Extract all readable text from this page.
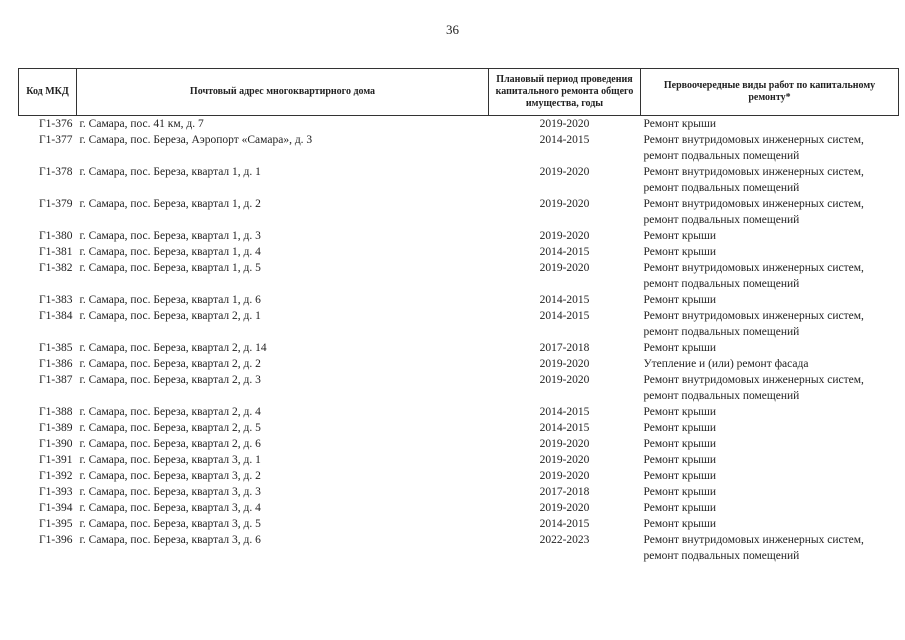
36
Код МКД	Почтовый адрес многоквартирного дома	Плановый период проведения капитального ремонта общего имущества, годы	Первоочередные виды работ по капитальному ремонту*
Г1-376	г. Самара, пос. 41 км, д. 7	2019-2020	Ремонт крыши
Г1-377	г. Самара, пос. Береза, Аэропорт «Самара», д. 3	2014-2015	Ремонт внутридомовых инженерных систем, ремонт подвальных помещений
Г1-378	г. Самара, пос. Береза, квартал 1, д. 1	2019-2020	Ремонт внутридомовых инженерных систем, ремонт подвальных помещений
Г1-379	г. Самара, пос. Береза, квартал 1, д. 2	2019-2020	Ремонт внутридомовых инженерных систем, ремонт подвальных помещений
Г1-380	г. Самара, пос. Береза, квартал 1, д. 3	2019-2020	Ремонт крыши
Г1-381	г. Самара, пос. Береза, квартал 1, д. 4	2014-2015	Ремонт крыши
Г1-382	г. Самара, пос. Береза, квартал 1, д. 5	2019-2020	Ремонт внутридомовых инженерных систем, ремонт подвальных помещений
Г1-383	г. Самара, пос. Береза, квартал 1, д. 6	2014-2015	Ремонт крыши
Г1-384	г. Самара, пос. Береза, квартал 2, д. 1	2014-2015	Ремонт внутридомовых инженерных систем, ремонт подвальных помещений
Г1-385	г. Самара, пос. Береза, квартал 2, д. 14	2017-2018	Ремонт крыши
Г1-386	г. Самара, пос. Береза, квартал 2, д. 2	2019-2020	Утепление и (или) ремонт фасада
Г1-387	г. Самара, пос. Береза, квартал 2, д. 3	2019-2020	Ремонт внутридомовых инженерных систем, ремонт подвальных помещений
Г1-388	г. Самара, пос. Береза, квартал 2, д. 4	2014-2015	Ремонт крыши
Г1-389	г. Самара, пос. Береза, квартал 2, д. 5	2014-2015	Ремонт крыши
Г1-390	г. Самара, пос. Береза, квартал 2, д. 6	2019-2020	Ремонт крыши
Г1-391	г. Самара, пос. Береза, квартал 3, д. 1	2019-2020	Ремонт крыши
Г1-392	г. Самара, пос. Береза, квартал 3, д. 2	2019-2020	Ремонт крыши
Г1-393	г. Самара, пос. Береза, квартал 3, д. 3	2017-2018	Ремонт крыши
Г1-394	г. Самара, пос. Береза, квартал 3, д. 4	2019-2020	Ремонт крыши
Г1-395	г. Самара, пос. Береза, квартал 3, д. 5	2014-2015	Ремонт крыши
Г1-396	г. Самара, пос. Береза, квартал 3, д. 6	2022-2023	Ремонт внутридомовых инженерных систем, ремонт подвальных помещений
